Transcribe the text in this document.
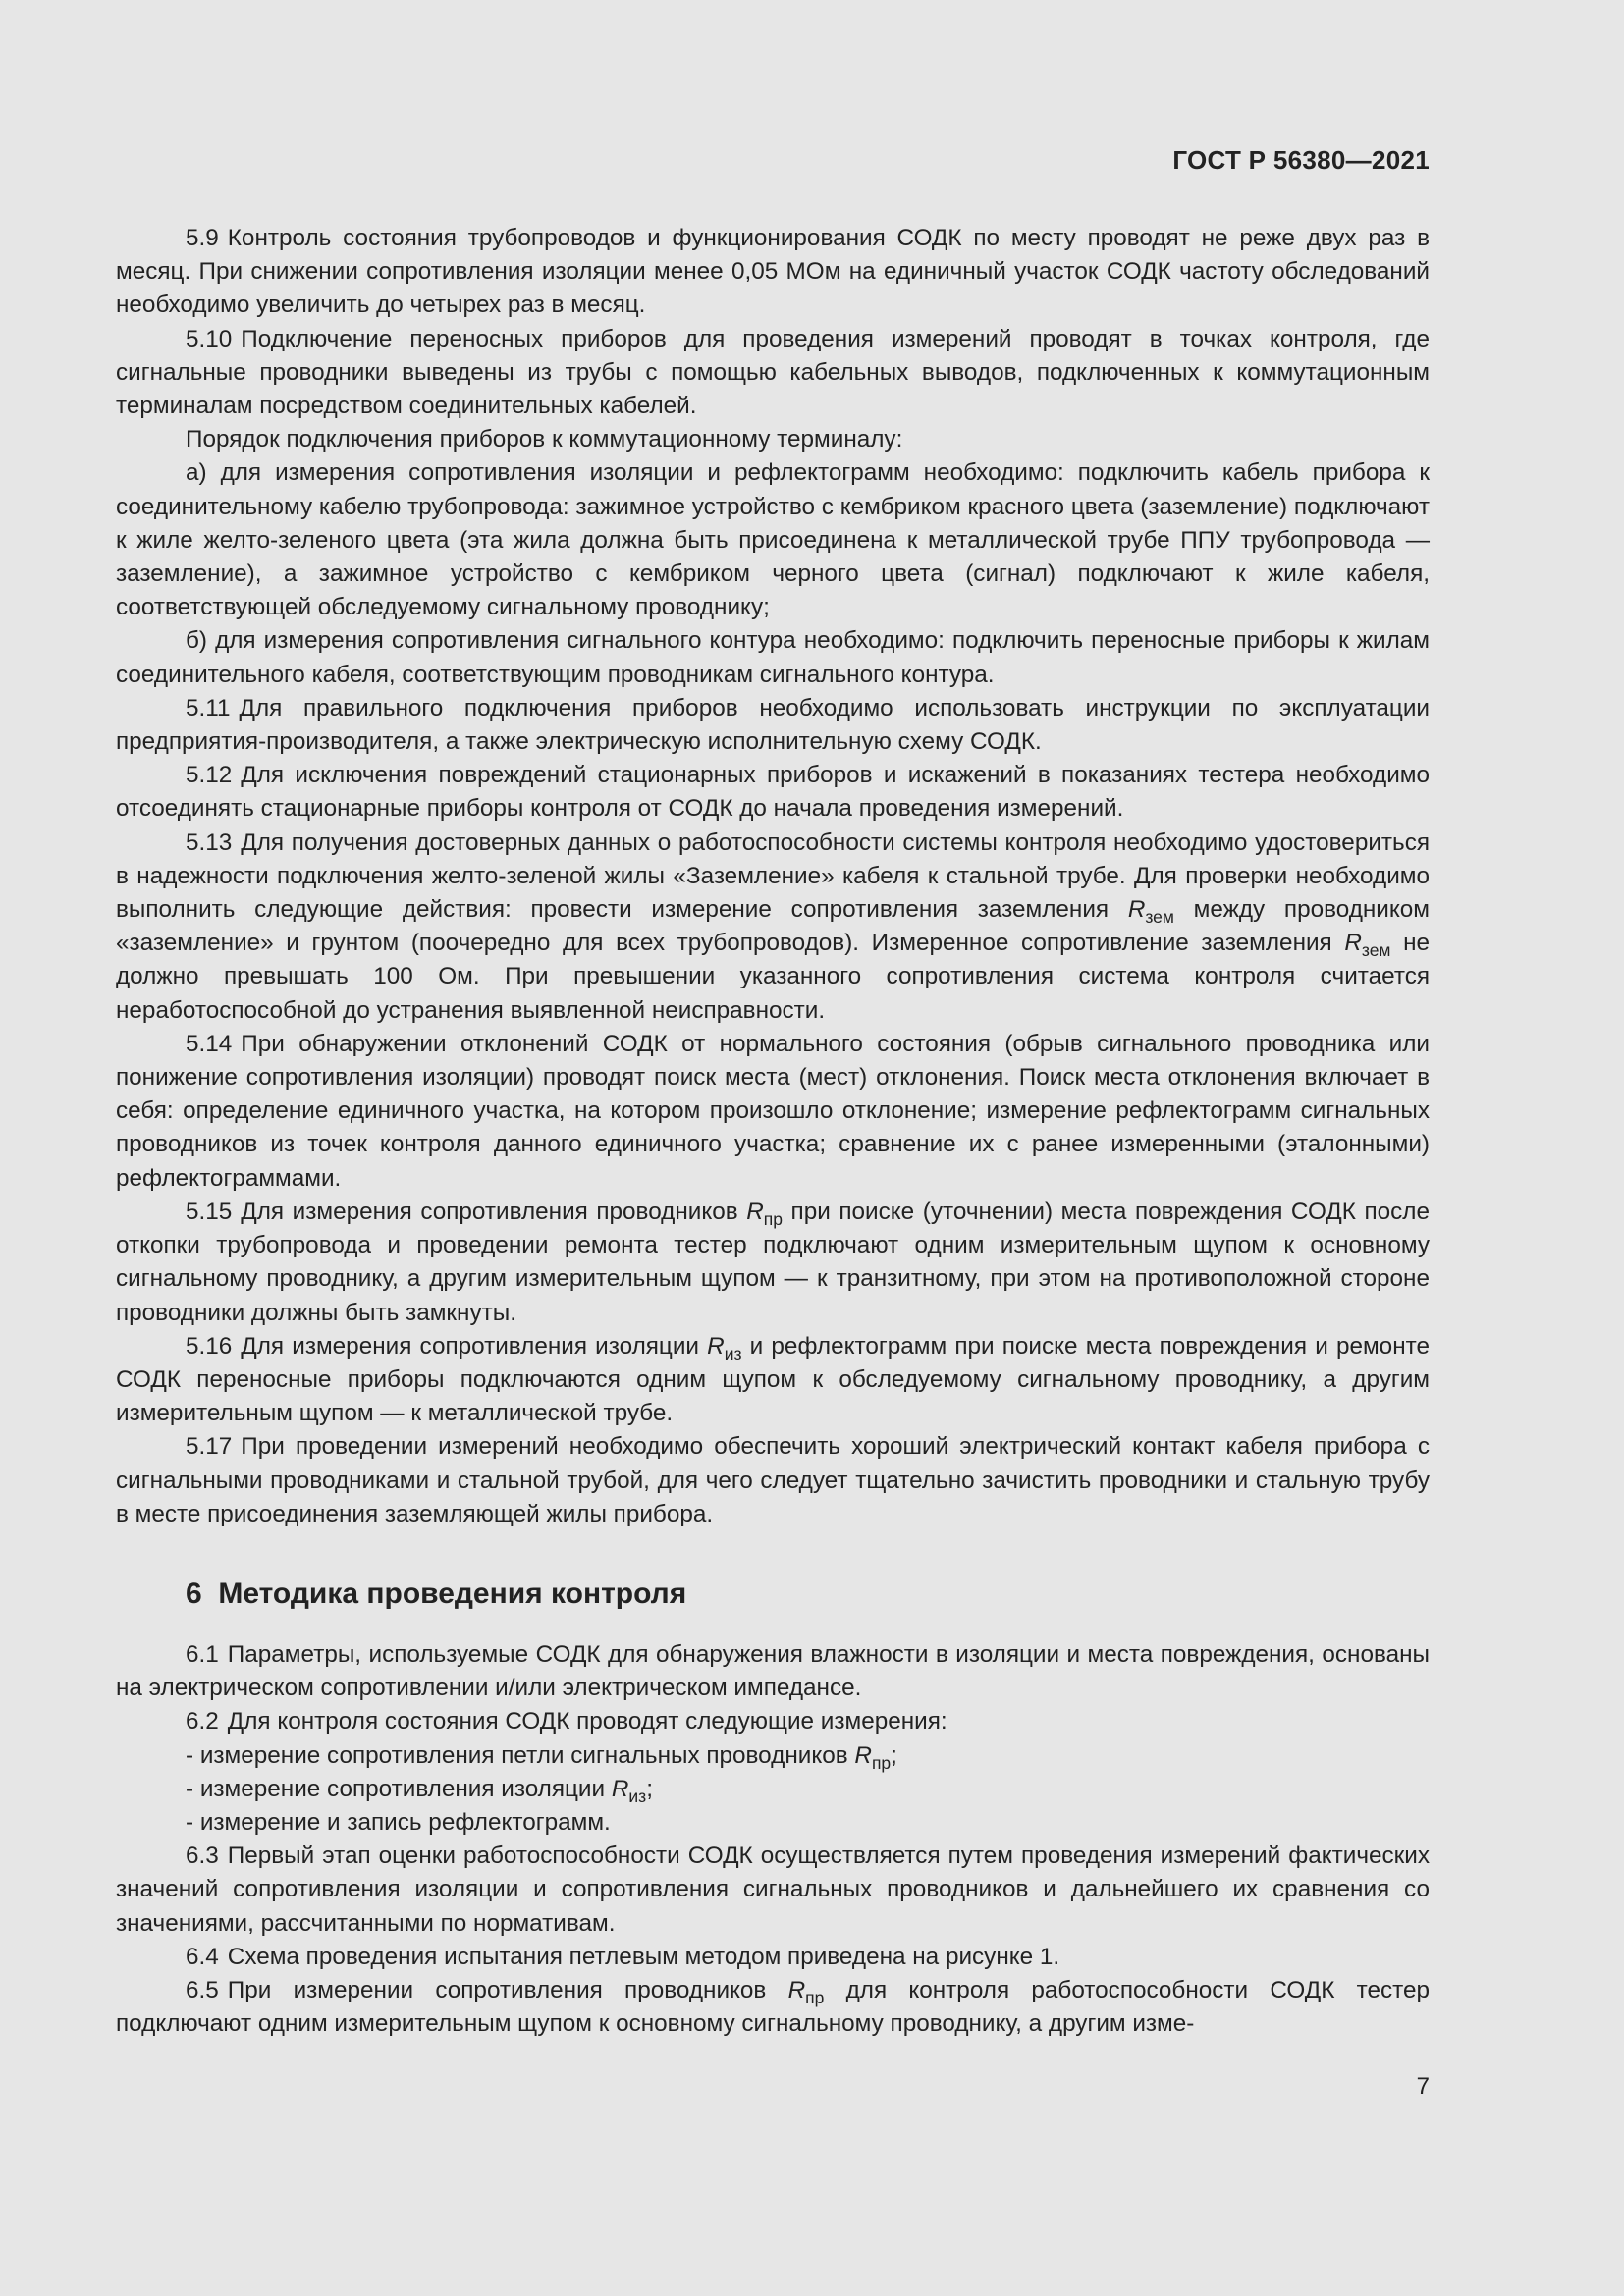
ГОСТ Р 56380—2021

5.9 Контроль состояния трубопроводов и функционирования СОДК по месту проводят не реже двух раз в месяц. При снижении сопротивления изоляции менее 0,05 МОм на единичный участок СОДК частоту обследований необходимо увеличить до четырех раз в месяц.

5.10 Подключение переносных приборов для проведения измерений проводят в точках контроля, где сигнальные проводники выведены из трубы с помощью кабельных выводов, подключенных к коммутационным терминалам посредством соединительных кабелей.

Порядок подключения приборов к коммутационному терминалу:

а) для измерения сопротивления изоляции и рефлектограмм необходимо: подключить кабель прибора к соединительному кабелю трубопровода: зажимное устройство с кембриком красного цвета (заземление) подключают к жиле желто-зеленого цвета (эта жила должна быть присоединена к металлической трубе ППУ трубопровода — заземление), а зажимное устройство с кембриком черного цвета (сигнал) подключают к жиле кабеля, соответствующей обследуемому сигнальному проводнику;

б) для измерения сопротивления сигнального контура необходимо: подключить переносные приборы к жилам соединительного кабеля, соответствующим проводникам сигнального контура.

5.11 Для правильного подключения приборов необходимо использовать инструкции по эксплуатации предприятия-производителя, а также электрическую исполнительную схему СОДК.

5.12 Для исключения повреждений стационарных приборов и искажений в показаниях тестера необходимо отсоединять стационарные приборы контроля от СОДК до начала проведения измерений.

5.13 Для получения достоверных данных о работоспособности системы контроля необходимо удостовериться в надежности подключения желто-зеленой жилы «Заземление» кабеля к стальной трубе. Для проверки необходимо выполнить следующие действия: провести измерение сопротивления заземления $R_{зем}$ между проводником «заземление» и грунтом (поочередно для всех трубопроводов). Измеренное сопротивление заземления $R_{зем}$ не должно превышать 100 Ом. При превышении указанного сопротивления система контроля считается неработоспособной до устранения выявленной неисправности.

5.14 При обнаружении отклонений СОДК от нормального состояния (обрыв сигнального проводника или понижение сопротивления изоляции) проводят поиск места (мест) отклонения. Поиск места отклонения включает в себя: определение единичного участка, на котором произошло отклонение; измерение рефлектограмм сигнальных проводников из точек контроля данного единичного участка; сравнение их с ранее измеренными (эталонными) рефлектограммами.

5.15 Для измерения сопротивления проводников $R_{пр}$ при поиске (уточнении) места повреждения СОДК после откопки трубопровода и проведении ремонта тестер подключают одним измерительным щупом к основному сигнальному проводнику, а другим измерительным щупом — к транзитному, при этом на противоположной стороне проводники должны быть замкнуты.

5.16 Для измерения сопротивления изоляции $R_{из}$ и рефлектограмм при поиске места повреждения и ремонте СОДК переносные приборы подключаются одним щупом к обследуемому сигнальному проводнику, а другим измерительным щупом — к металлической трубе.

5.17 При проведении измерений необходимо обеспечить хороший электрический контакт кабеля прибора с сигнальными проводниками и стальной трубой, для чего следует тщательно зачистить проводники и стальную трубу в месте присоединения заземляющей жилы прибора.

6 Методика проведения контроля

6.1 Параметры, используемые СОДК для обнаружения влажности в изоляции и места повреждения, основаны на электрическом сопротивлении и/или электрическом импедансе.

6.2 Для контроля состояния СОДК проводят следующие измерения:

- измерение сопротивления петли сигнальных проводников $R_{пр}$;

- измерение сопротивления изоляции $R_{из}$;

- измерение и запись рефлектограмм.

6.3 Первый этап оценки работоспособности СОДК осуществляется путем проведения измерений фактических значений сопротивления изоляции и сопротивления сигнальных проводников и дальнейшего их сравнения со значениями, рассчитанными по нормативам.

6.4 Схема проведения испытания петлевым методом приведена на рисунке 1.

6.5 При измерении сопротивления проводников $R_{пр}$ для контроля работоспособности СОДК тестер подключают одним измерительным щупом к основному сигнальному проводнику, а другим изме-

7
